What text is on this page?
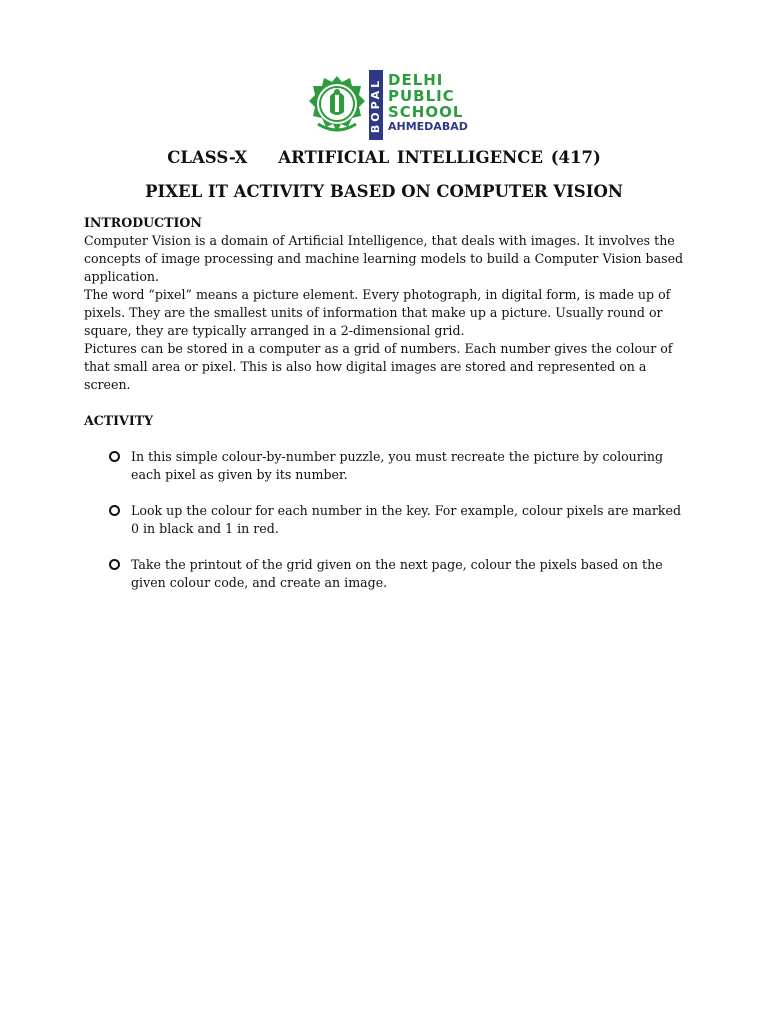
BOPAL DELHI
PUBLIC
SCHOOL
AHMEDABAD
CLASS-X    ARTIFICIAL INTELLIGENCE (417)
PIXEL IT ACTIVITY BASED ON COMPUTER VISION
INTRODUCTION

Computer Vision is a domain of Artificial Intelligence, that deals with images. It involves the concepts of image processing and machine learning models to build a Computer Vision based application.

The word “pixel” means a picture element. Every photograph, in digital form, is made up of pixels. They are the smallest units of information that make up a picture. Usually round or square, they are typically arranged in a 2-dimensional grid.

Pictures can be stored in a computer as a grid of numbers. Each number gives the colour of that small area or pixel. This is also how digital images are stored and represented on a screen.

ACTIVITY
In this simple colour-by-number puzzle, you must recreate the picture by colouring each pixel as given by its number.
Look up the colour for each number in the key. For example, colour pixels are marked 0 in black and 1 in red.
Take the printout of the grid given on the next page, colour the pixels based on the given colour code, and create an image.
